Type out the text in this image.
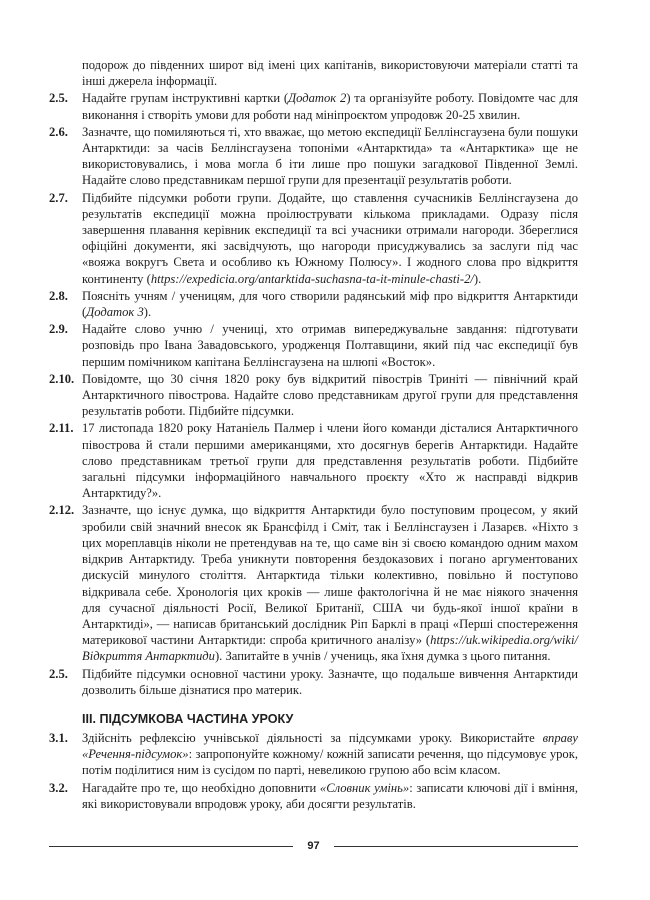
подорож до південних широт від імені цих капітанів, використовуючи матеріали статті та інші джерела інформації.
2.5.	Надайте групам інструктивні картки (Додаток 2) та організуйте роботу. Повідомте час для виконання і створіть умови для роботи над мініпроєктом упродовж 20-25 хвилин.
2.6.	Зазначте, що помиляються ті, хто вважає, що метою експедиції Беллінсгаузена були пошуки Антарктиди: за часів Беллінсгаузена топоніми «Антарктида» та «Антарктика» ще не використовувались, і мова могла б іти лише про пошуки загадкової Південної Землі. Надайте слово представникам першої групи для презентації результатів роботи.
2.7.	Підбийте підсумки роботи групи. Додайте, що ставлення сучасників Беллінсгаузена до результатів експедиції можна проілюструвати кількома прикладами. Одразу після завершення плавання керівник експедиції та всі учасники отримали нагороди. Збереглися офіційні документи, які засвідчують, що нагороди присуджувались за заслуги під час «вояжа вокругъ Света и особливо къ Южному Полюсу». І жодного слова про відкриття континенту (https://expedicia.org/antarktida-suchasna-ta-it-minule-chasti-2/).
2.8.	Поясніть учням / ученицям, для чого створили радянський міф про відкриття Антарктиди (Додаток 3).
2.9.	Надайте слово учню / учениці, хто отримав випереджувальне завдання: підготувати розповідь про Івана Завадовського, уродженця Полтавщини, який під час експедиції був першим помічником капітана Беллінсгаузена на шлюпі «Восток».
2.10. Повідомте, що 30 січня 1820 року був відкритий півострів Триніті — північний край Антарктичного півострова. Надайте слово представникам другої групи для представлення результатів роботи. Підбийте підсумки.
2.11. 17 листопада 1820 року Натаніель Палмер і члени його команди дісталися Антарктичного півострова й стали першими американцями, хто досягнув берегів Антарктиди. Надайте слово представникам третьої групи для представлення результатів роботи. Підбийте загальні підсумки інформаційного навчального проєкту «Хто ж насправді відкрив Антарктиду?».
2.12. Зазначте, що існує думка, що відкриття Антарктиди було поступовим процесом, у який зробили свій значний внесок як Брансфілд і Сміт, так і Беллінсгаузен і Лазарєв. «Ніхто з цих мореплавців ніколи не претендував на те, що саме він зі своєю командою одним махом відкрив Антарктиду. Треба уникнути повторення бездоказових і погано аргументованих дискусій минулого століття. Антарктида тільки колективно, повільно й поступово відкривала себе. Хронологія цих кроків — лише фактологічна й не має ніякого значення для сучасної діяльності Росії, Великої Британії, США чи будь-якої іншої країни в Антарктиді», — написав британський дослідник Ріп Барклі в праці «Перші спостереження материкової частини Антарктиди: спроба критичного аналізу» (https://uk.wikipedia.org/wiki/ Відкриття Антарктиди). Запитайте в учнів / учениць, яка їхня думка з цього питання.
2.5.	Підбийте підсумки основної частини уроку. Зазначте, що подальше вивчення Антарктиди дозволить більше дізнатися про материк.
ІІІ. ПІДСУМКОВА ЧАСТИНА УРОКУ
3.1.	Здійсніть рефлексію учнівської діяльності за підсумками уроку. Використайте вправу «Речення-підсумок»: запропонуйте кожному/ кожній записати речення, що підсумовує урок, потім поділитися ним із сусідом по парті, невеликою групою або всім класом.
3.2.	Нагадайте про те, що необхідно доповнити «Словник умінь»: записати ключові дії і вміння, які використовували впродовж уроку, аби досягти результатів.
97
